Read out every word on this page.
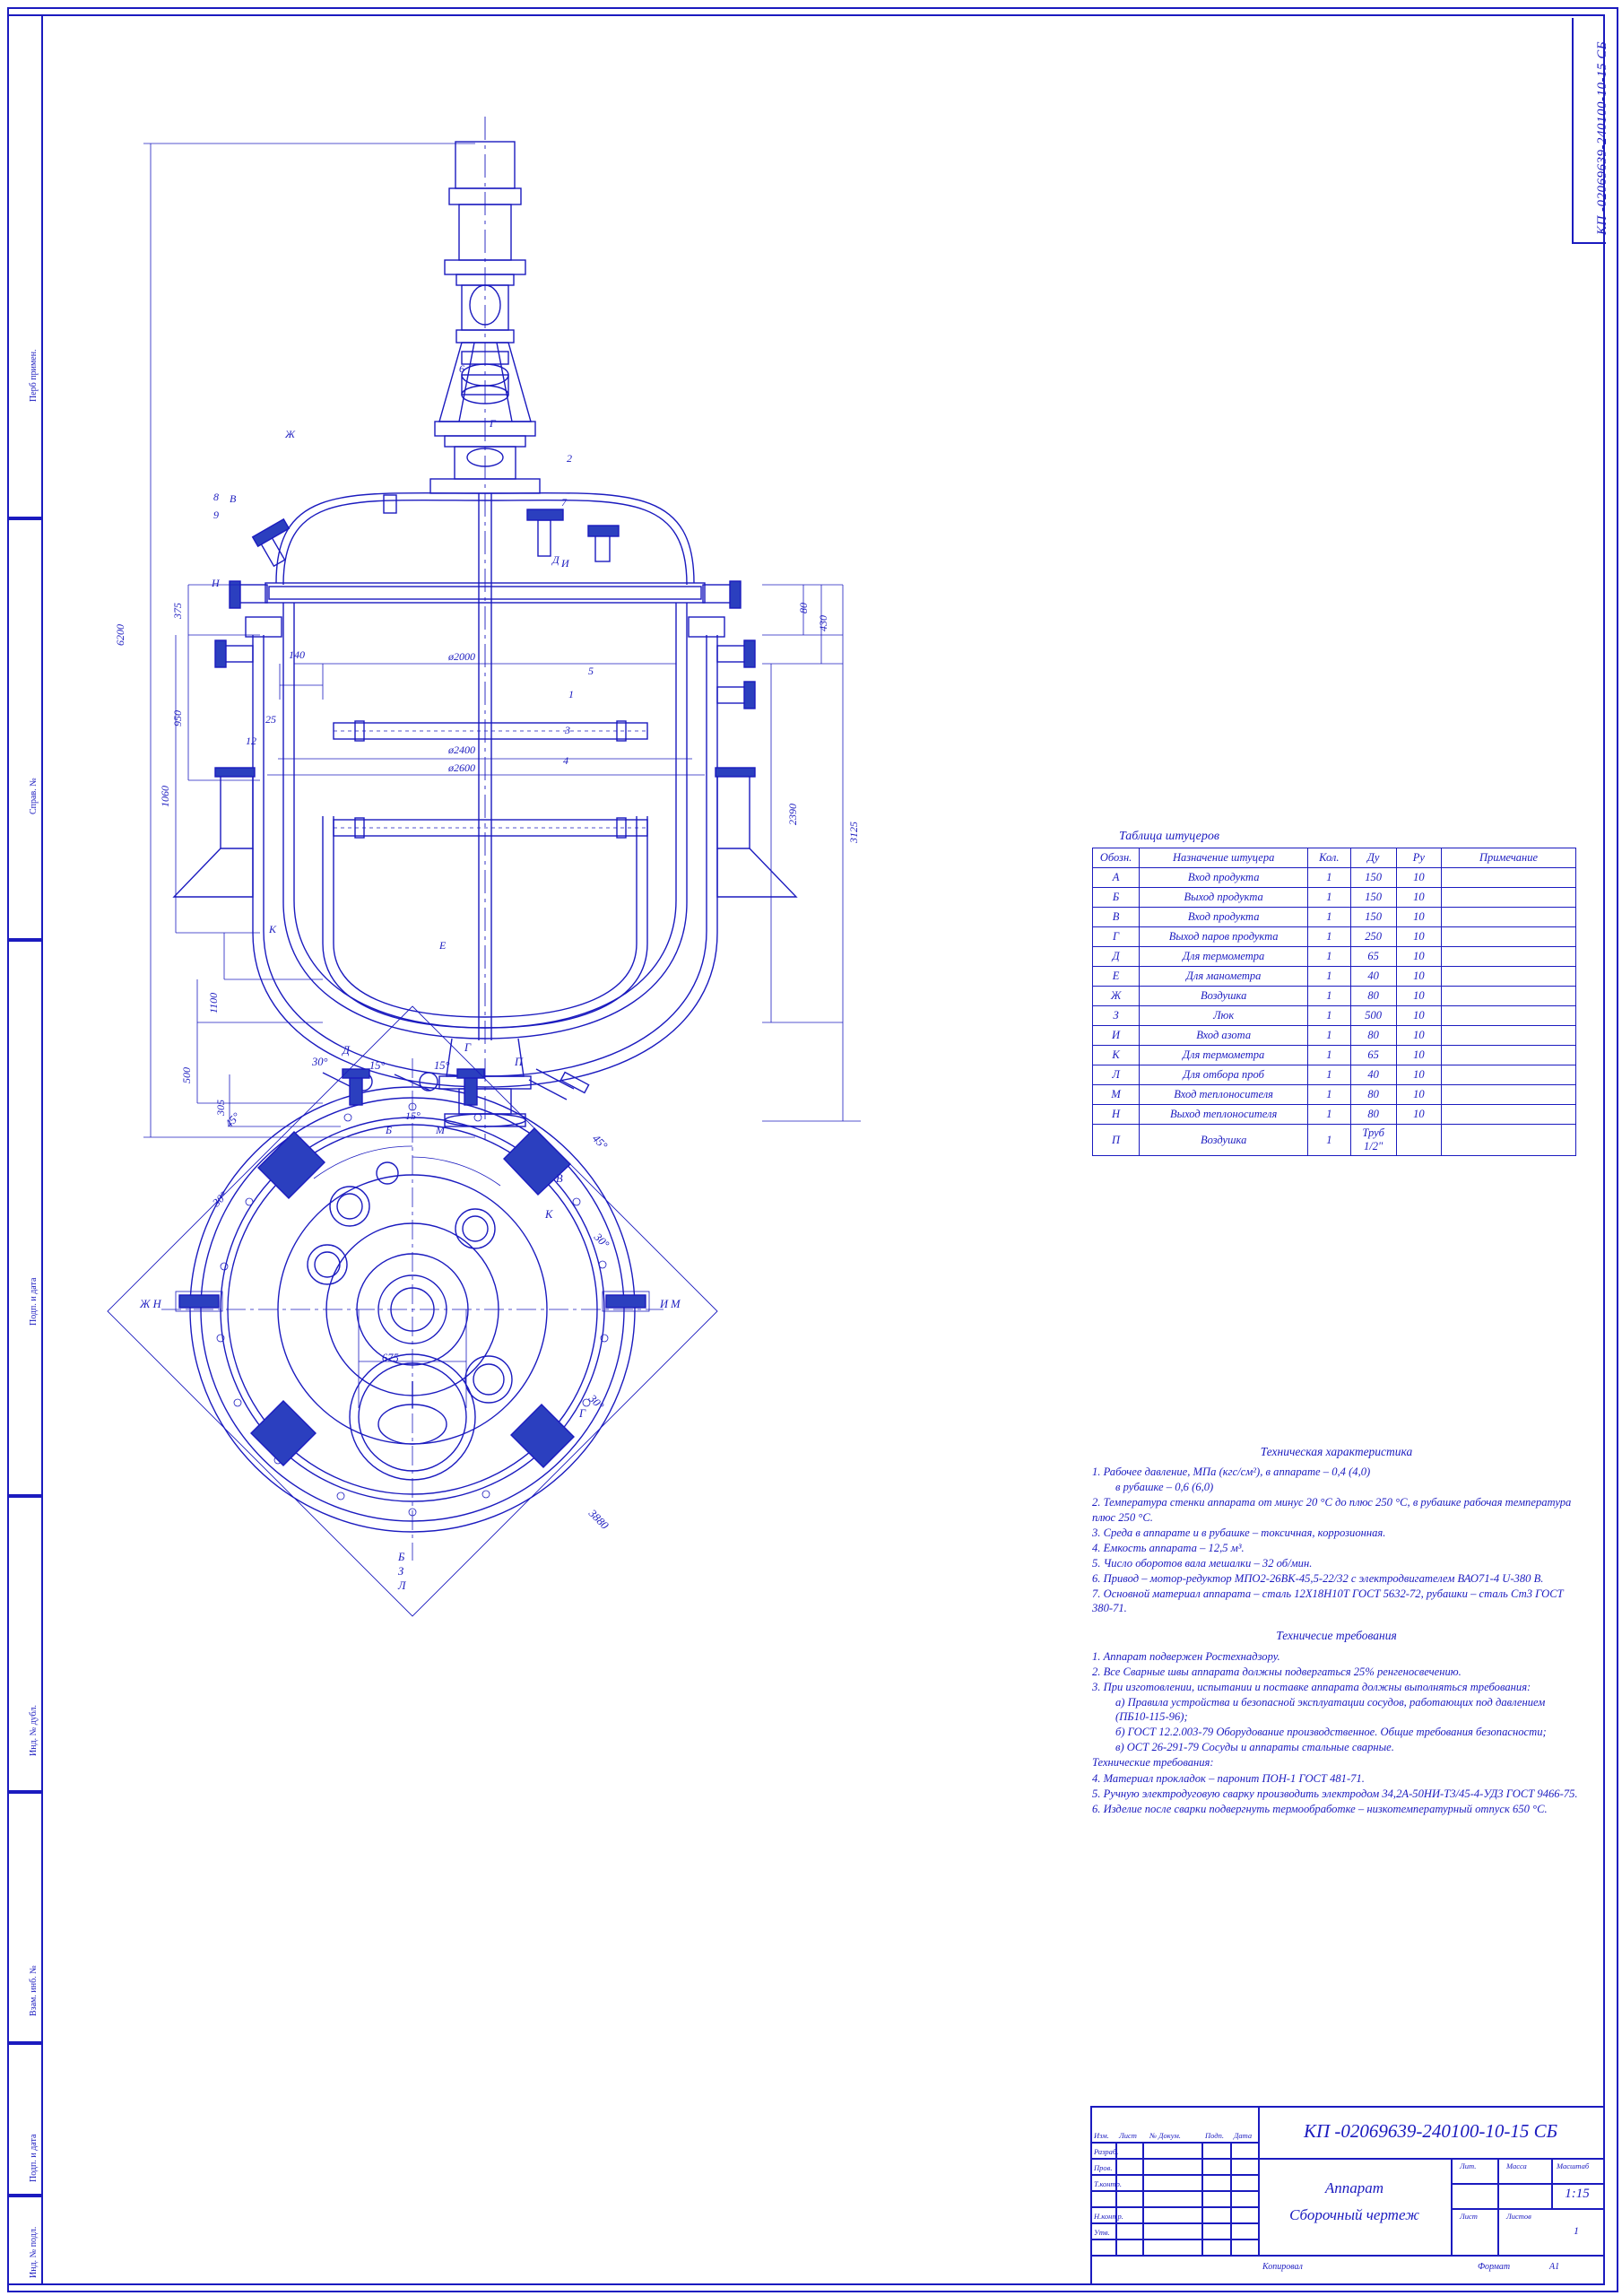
Перб примен.
Справ. №
Подп. и дата
Инд. № дубл.
Взам. инб. №
Подп. и дата
Инд. № подл.
КП -02069639-240100-10-15 СБ
6200
375
950
1060
1100
500
305
ø2000
ø2400
ø2600
140
25
12
2390
3125
80
430
6
2
7
5
1
3
4
8
9
Ж
Г
В
Н
И
Д
К
Е
Б	М
15°
Д	Г
П
В
К
Ж Н	И М
Г
Б
З
Л
30°	15°	15°
45°
30°
45°
30°
30°
675
3880
Таблица штуцеров
Обозн.	Назначение штуцера	Кол.	Ду	Ру	Примечание
А	Вход продукта	1	150	10	
Б	Выход продукта	1	150	10	
В	Вход продукта	1	150	10	
Г	Выход паров продукта	1	250	10	
Д	Для термометра	1	65	10	
Е	Для манометра	1	40	10	
Ж	Воздушка	1	80	10	
З	Люк	1	500	10	
И	Вход азота	1	80	10	
К	Для термометра	1	65	10	
Л	Для отбора проб	1	40	10	
М	Вход теплоносителя	1	80	10	
Н	Выход теплоносителя	1	80	10	
П	Воздушка	1	Труб 1/2"		
Техническая характеристика

1. Рабочее давление, МПа (кгс/см²), в аппарате – 0,4 (4,0)

в рубашке – 0,6 (6,0)

2. Температура стенки аппарата от минус 20 °С до плюс 250 °С, в рубашке рабочая температура плюс 250 °С.

3. Среда в аппарате и в рубашке – токсичная, коррозионная.

4. Емкость аппарата – 12,5 м³.

5. Число оборотов вала мешалки – 32 об/мин.

6. Привод – мотор-редуктор МПО2-26ВК-45,5-22/32 с электродвигателем ВАО71-4 U-380 В.

7. Основной материал аппарата – сталь 12Х18Н10Т ГОСТ 5632-72, рубашки – сталь Ст3 ГОСТ 380-71.

Техничесие требования

1. Аппарат подвержен Ростехнадзору.

2. Все Сварные швы аппарата должны подвергаться 25% ренгеносвечению.

3. При изготовлении, испытании и поставке аппарата должны выполняться требования:

а) Правила устройства и безопасной эксплуатации сосудов, работающих под давлением (ПБ10-115-96);

б) ГОСТ 12.2.003-79 Оборудование производственное. Общие требования безопасности;

в) ОСТ 26-291-79 Сосуды и аппараты стальные сварные.

Технические требования:

4. Материал прокладок – паронит ПОН-1 ГОСТ 481-71.

5. Ручную электродуговую сварку производить электродом 34,2А-50НИ-Т3/45-4-УД3 ГОСТ 9466-75.

6. Изделие после сварки подвергнуть термообработке – низкотемпературный отпуск 650 °С.

КП -02069639-240100-10-15 СБ
Аппарат
Сборочный чертеж
Изм. Лист № Докум.	Подп. Дата
Разраб.
Пров.
Т.контр.
Н.контр.
Утв.
Лит.	Масса	Масштаб
1:15
Лист	Листов
1
Копировал	Формат	А1
